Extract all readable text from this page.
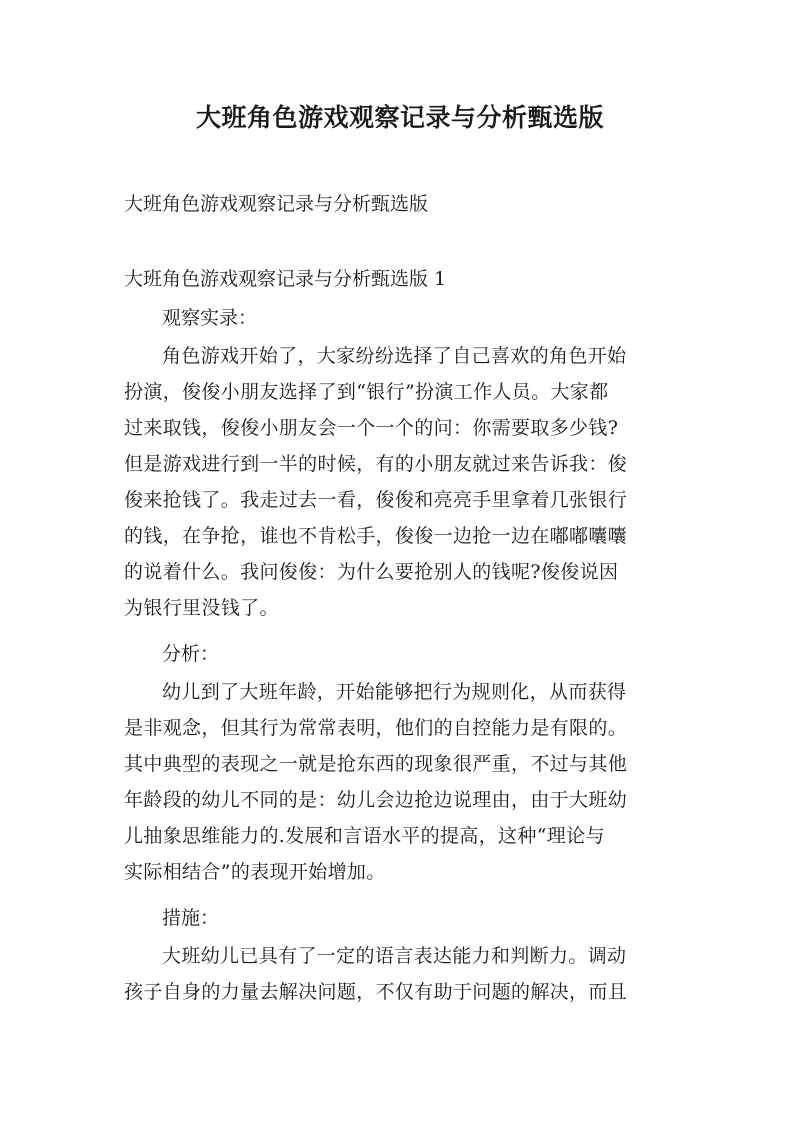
大班角色游戏观察记录与分析甄选版
大班角色游戏观察记录与分析甄选版
大班角色游戏观察记录与分析甄选版 1
观察实录：
角色游戏开始了，大家纷纷选择了自己喜欢的角色开始
扮演，俊俊小朋友选择了到“银行”扮演工作人员。大家都
过来取钱，俊俊小朋友会一个一个的问：你需要取多少钱?
但是游戏进行到一半的时候，有的小朋友就过来告诉我：俊
俊来抢钱了。我走过去一看，俊俊和亮亮手里拿着几张银行
的钱，在争抢，谁也不肯松手，俊俊一边抢一边在嘟嘟囔囔
的说着什么。我问俊俊：为什么要抢别人的钱呢?俊俊说因
为银行里没钱了。
分析：
幼儿到了大班年龄，开始能够把行为规则化，从而获得
是非观念，但其行为常常表明，他们的自控能力是有限的。
其中典型的表现之一就是抢东西的现象很严重，不过与其他
年龄段的幼儿不同的是：幼儿会边抢边说理由，由于大班幼
儿抽象思维能力的.发展和言语水平的提高，这种“理论与
实际相结合”的表现开始增加。
措施：
大班幼儿已具有了一定的语言表达能力和判断力。调动
孩子自身的力量去解决问题，不仅有助于问题的解决，而且
